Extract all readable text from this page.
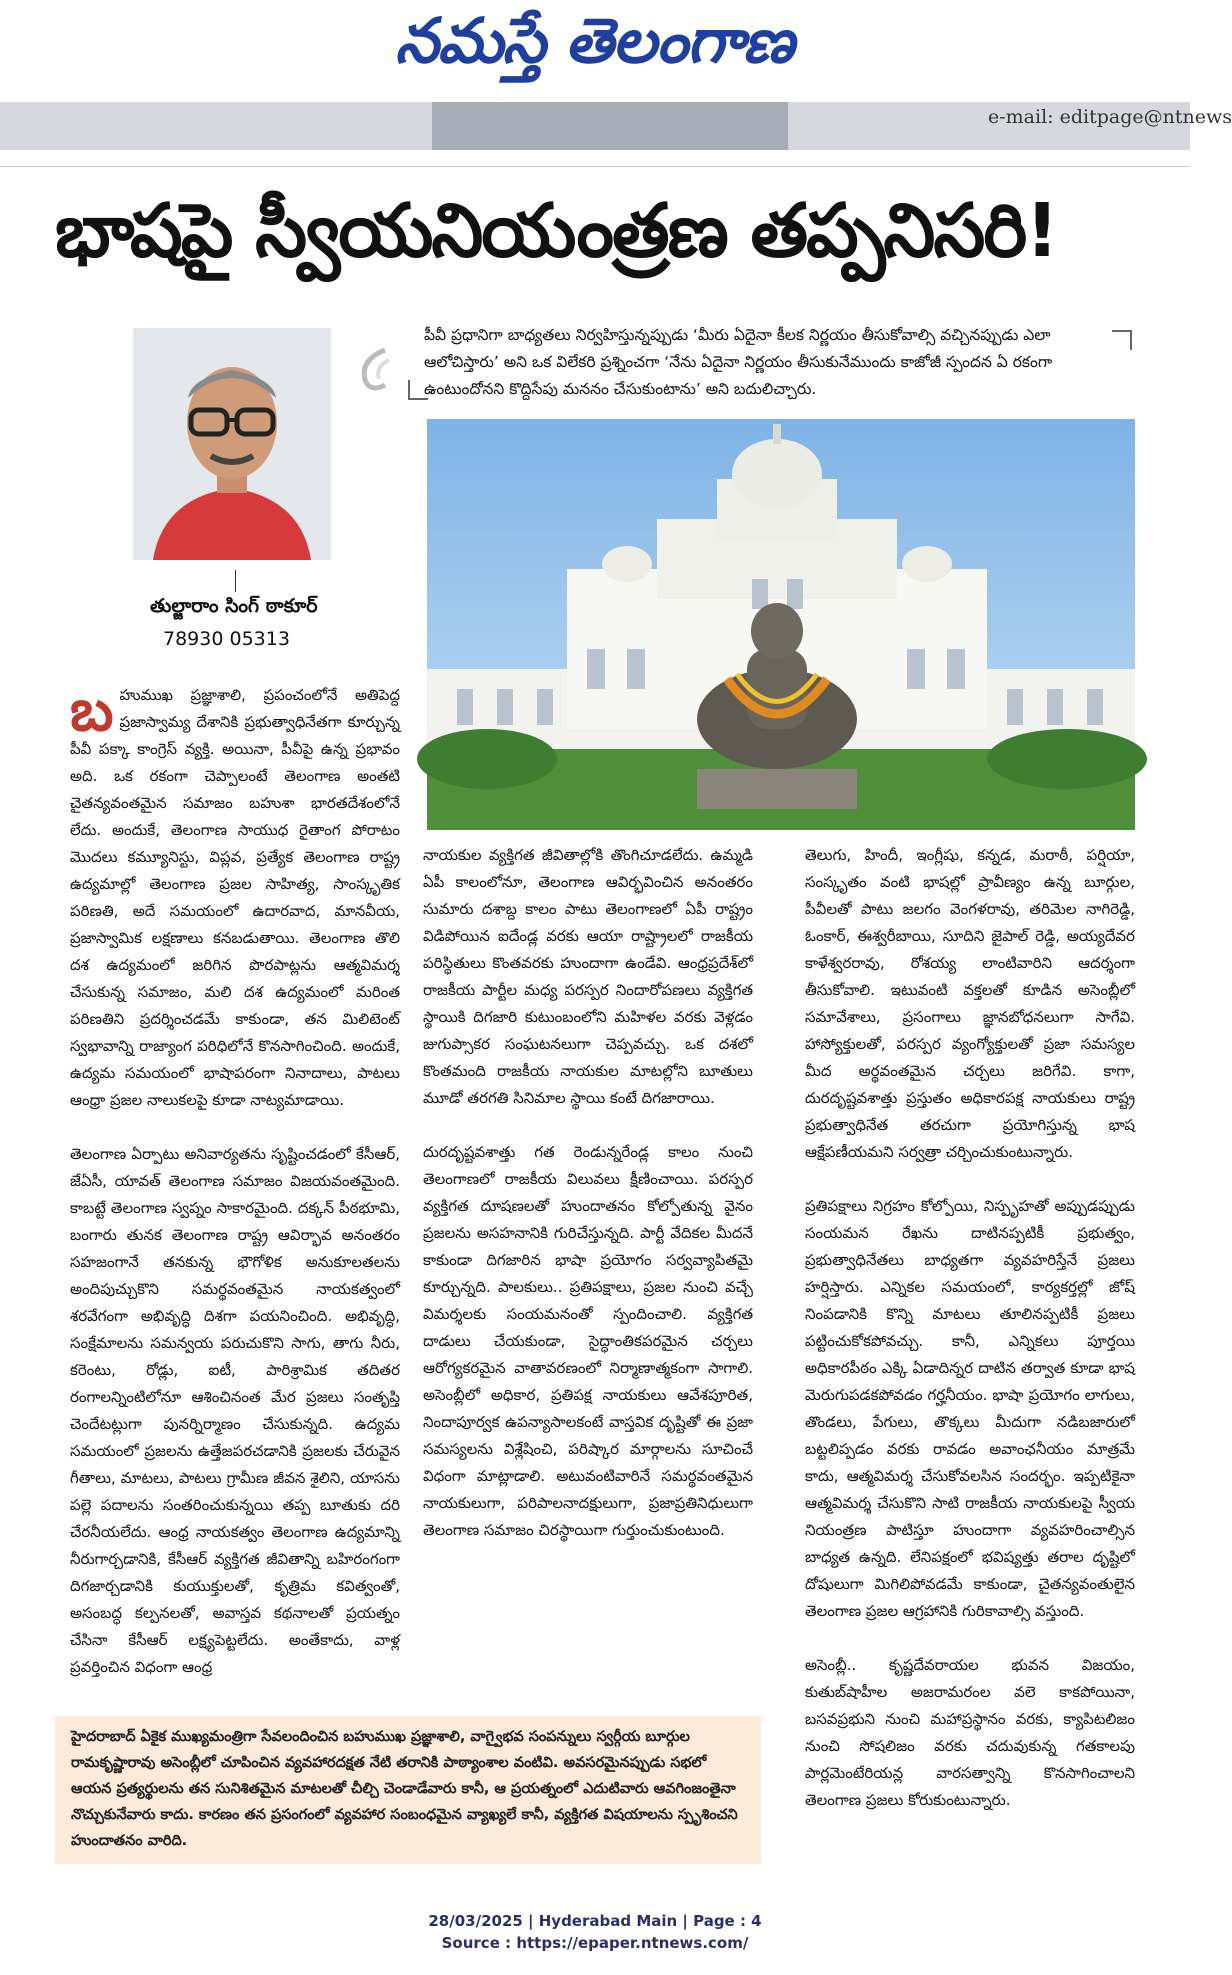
నమస్తే తెలంగాణ
e-mail: editpage@ntnews
భాషపై స్వీయనియంత్రణ తప్పనిసరి!
తుల్జారాం సింగ్ ఠాకూర్
78930 05313
పీవీ ప్రధానిగా బాధ్యతలు నిర్వహిస్తున్నప్పుడు ‘మీరు ఏదైనా కీలక నిర్ణయం తీసుకోవాల్సి వచ్చినప్పుడు ఎలా ఆలోచిస్తారు’ అని ఒక విలేకరి ప్రశ్నించగా ‘నేను ఏదైనా నిర్ణయం తీసుకునేముందు కాజోజీ స్పందన ఏ రకంగా ఉంటుందోనని కొద్దిసేపు మననం చేసుకుంటాను’ అని బదులిచ్చారు.

బహుముఖ ప్రజ్ఞాశాలి, ప్రపంచంలోనే అతిపెద్ద ప్రజాస్వామ్య దేశానికి ప్రభుత్వాధినేతగా కూర్చున్న పీవీ పక్కా కాంగ్రెస్ వ్యక్తి. అయినా, పీవీపై ఉన్న ప్రభావం అది. ఒక రకంగా చెప్పాలంటే తెలంగాణ అంతటి చైతన్యవంతమైన సమాజం బహుశా భారతదేశంలోనే లేదు. అందుకే, తెలంగాణ సాయుధ రైతాంగ పోరాటం మొదలు కమ్యూనిస్టు, విప్లవ, ప్రత్యేక తెలంగాణ రాష్ట్ర ఉద్యమాల్లో తెలంగాణ ప్రజల సాహిత్య, సాంస్కృతిక పరిణతి, అదే సమయంలో ఉదారవాద, మానవీయ, ప్రజాస్వామిక లక్షణాలు కనబడుతాయి. తెలంగాణ తొలి దశ ఉద్యమంలో జరిగిన పొరపాట్లను ఆత్మవిమర్శ చేసుకున్న సమాజం, మలి దశ ఉద్యమంలో మరింత పరిణతిని ప్రదర్శించడమే కాకుండా, తన మిలిటెంట్ స్వభావాన్ని రాజ్యాంగ పరిధిలోనే కొనసాగించింది. అందుకే, ఉద్యమ సమయంలో భాషాపరంగా నినాదాలు, పాటలు ఆంధ్రా ప్రజల నాలుకలపై కూడా నాట్యమాడాయి.

తెలంగాణ ఏర్పాటు అనివార్యతను సృష్టించడంలో కేసీఆర్, జేఏసీ, యావత్ తెలంగాణ సమాజం విజయవంతమైంది. కాబట్టే తెలంగాణ స్వప్నం సాకారమైంది. దక్కన్ పీఠభూమి, బంగారు తునక తెలంగాణ రాష్ట్ర ఆవిర్భావ అనంతరం సహజంగానే తనకున్న భౌగోళిక అనుకూలతలను అందిపుచ్చుకొని సమర్థవంతమైన నాయకత్వంలో శరవేగంగా అభివృద్ధి దిశగా పయనించింది. అభివృద్ధి, సంక్షేమాలను సమన్వయ పరుచుకొని సాగు, తాగు నీరు, కరెంటు, రోడ్లు, ఐటీ, పారిశ్రామిక తదితర రంగాలన్నింటిలోనూ ఆశించినంత మేర ప్రజలు సంతృప్తి చెందేటట్లుగా పునర్నిర్మాణం చేసుకున్నది. ఉద్యమ సమయంలో ప్రజలను ఉత్తేజపరచడానికి ప్రజలకు చేరువైన గీతాలు, మాటలు, పాటలు గ్రామీణ జీవన శైలిని, యాసను పల్లె పదాలను సంతరించుకున్నయి తప్ప బూతుకు దరి చేరనీయలేదు. ఆంధ్ర నాయకత్వం తెలంగాణ ఉద్యమాన్ని నీరుగార్చడానికి, కేసీఆర్ వ్యక్తిగత జీవితాన్ని బహిరంగంగా దిగజార్చడానికి కుయుక్తులతో, కృత్రిమ కవిత్వంతో, అసంబద్ధ కల్పనలతో, అవాస్తవ కథనాలతో ప్రయత్నం చేసినా కేసీఆర్ లక్ష్యపెట్టలేదు. అంతేకాదు, వాళ్ల ప్రవర్తించిన విధంగా ఆంధ్ర

నాయకుల వ్యక్తిగత జీవితాల్లోకి తొంగిచూడలేదు. ఉమ్మడి ఏపీ కాలంలోనూ, తెలంగాణ ఆవిర్భవించిన అనంతరం సుమారు దశాబ్ద కాలం పాటు తెలంగాణలో ఏపీ రాష్ట్రం విడిపోయిన ఐదేండ్ల వరకు ఆయా రాష్ట్రాలలో రాజకీయ పరిస్థితులు కొంతవరకు హుందాగా ఉండేవి. ఆంధ్రప్రదేశ్‌లో రాజకీయ పార్టీల మధ్య పరస్పర నిందారోపణలు వ్యక్తిగత స్థాయికి దిగజారి కుటుంబంలోని మహిళల వరకు వెళ్లడం జుగుప్సాకర సంఘటనలుగా చెప్పవచ్చు. ఒక దశలో కొంతమంది రాజకీయ నాయకుల మాటల్లోని బూతులు మూడో తరగతి సినిమాల స్థాయి కంటే దిగజారాయి.

దురదృష్టవశాత్తు గత రెండున్నరేండ్ల కాలం నుంచి తెలంగాణలో రాజకీయ విలువలు క్షీణించాయి. పరస్పర వ్యక్తిగత దూషణలతో హుందాతనం కోల్పోతున్న వైనం ప్రజలను అసహనానికి గురిచేస్తున్నది. పార్టీ వేదికల మీదనే కాకుండా దిగజారిన భాషా ప్రయోగం సర్వవ్యాపితమై కూర్చున్నది. పాలకులు.. ప్రతిపక్షాలు, ప్రజల నుంచి వచ్చే విమర్శలకు సంయమనంతో స్పందించాలి. వ్యక్తిగత దాడులు చేయకుండా, సైద్ధాంతికపరమైన చర్చలు ఆరోగ్యకరమైన వాతావరణంలో నిర్మాణాత్మకంగా సాగాలి. అసెంబ్లీలో అధికార, ప్రతిపక్ష నాయకులు ఆవేశపూరిత, నిందాపూర్వక ఉపన్యాసాలకంటే వాస్తవిక దృష్టితో ఈ ప్రజా సమస్యలను విశ్లేషించి, పరిష్కార మార్గాలను సూచించే విధంగా మాట్లాడాలి. అటువంటివారినే సమర్థవంతమైన నాయకులుగా, పరిపాలనాదక్షులుగా, ప్రజాప్రతినిధులుగా తెలంగాణ సమాజం చిరస్థాయిగా గుర్తుంచుకుంటుంది.

తెలుగు, హిందీ, ఇంగ్లీషు, కన్నడ, మరాఠీ, పర్షియా, సంస్కృతం వంటి భాషల్లో ప్రావీణ్యం ఉన్న బూర్గుల, పీవీలతో పాటు జలగం వెంగళరావు, తరిమెల నాగిరెడ్డి, ఓంకార్, ఈశ్వరీబాయి, సూదిని జైపాల్ రెడ్డి, అయ్యదేవర కాళేశ్వరరావు, రోశయ్య లాంటివారిని ఆదర్శంగా తీసుకోవాలి. ఇటువంటి వక్తలతో కూడిన అసెంబ్లీలో సమావేశాలు, ప్రసంగాలు జ్ఞానబోధనలుగా సాగేవి. హాస్యోక్తులతో, పరస్పర వ్యంగ్యోక్తులతో ప్రజా సమస్యల మీద అర్థవంతమైన చర్చలు జరిగేవి. కాగా, దురదృష్టవశాత్తు ప్రస్తుతం అధికారపక్ష నాయకులు రాష్ట్ర ప్రభుత్వాధినేత తరచుగా ప్రయోగిస్తున్న భాష ఆక్షేపణీయమని సర్వత్రా చర్చించుకుంటున్నారు.

ప్రతిపక్షాలు నిగ్రహం కోల్పోయి, నిస్పృహతో అప్పుడప్పుడు సంయమన రేఖను దాటినప్పటికీ ప్రభుత్వం, ప్రభుత్వాధినేతలు బాధ్యతగా వ్యవహరిస్తేనే ప్రజలు హర్షిస్తారు. ఎన్నికల సమయంలో, కార్యకర్తల్లో జోష్ నింపడానికి కొన్ని మాటలు తూలినప్పటికీ ప్రజలు పట్టించుకోకపోవచ్చు. కానీ, ఎన్నికలు పూర్తయి అధికారపీఠం ఎక్కి ఏడాదిన్నర దాటిన తర్వాత కూడా భాష మెరుగుపడకపోవడం గర్హనీయం. భాషా ప్రయోగం లాగులు, తొండలు, పేగులు, తొక్కలు మీదుగా నడిబజారులో బట్టలిప్పడం వరకు రావడం అవాంఛనీయం మాత్రమే కాదు, ఆత్మవిమర్శ చేసుకోవలసిన సందర్భం. ఇప్పటికైనా ఆత్మవిమర్శ చేసుకొని సాటి రాజకీయ నాయకులపై స్వీయ నియంత్రణ పాటిస్తూ హుందాగా వ్యవహరించాల్సిన బాధ్యత ఉన్నది. లేనిపక్షంలో భవిష్యత్తు తరాల దృష్టిలో దోషులుగా మిగిలిపోవడమే కాకుండా, చైతన్యవంతులైన తెలంగాణ ప్రజల ఆగ్రహానికి గురికావాల్సి వస్తుంది.

అసెంబ్లీ.. కృష్ణదేవరాయల భువన విజయం, కుతుబ్‌షాహీల అజరామరంల వలె కాకపోయినా, బసవప్రభుని నుంచి మహాప్రస్థానం వరకు, క్యాపిటలిజం నుంచి సోషలిజం వరకు చదువుకున్న గతకాలపు పార్లమెంటేరియన్ల వారసత్వాన్ని కొనసాగించాలని తెలంగాణ ప్రజలు కోరుకుంటున్నారు.

హైదరాబాద్ ఏకైక ముఖ్యమంత్రిగా సేవలందించిన బహుముఖ ప్రజ్ఞాశాలి, వాగ్వైభవ సంపన్నులు స్వర్గీయ బూర్గుల రామకృష్ణారావు అసెంబ్లీలో చూపించిన వ్యవహారదక్షత నేటి తరానికి పాఠ్యాంశాల వంటివి. అవసరమైనప్పుడు సభలో ఆయన ప్రత్యర్థులను తన సునిశితమైన మాటలతో చీల్చి చెండాడేవారు కానీ, ఆ ప్రయత్నంలో ఎదుటివారు ఆవగింజంతైనా నొచ్చుకునేవారు కాదు. కారణం తన ప్రసంగంలో వ్యవహార సంబంధమైన వ్యాఖ్యలే కానీ, వ్యక్తిగత విషయాలను స్పృశించని హుందాతనం వారిది.

28/03/2025 | Hyderabad Main | Page : 4
Source : https://epaper.ntnews.com/
